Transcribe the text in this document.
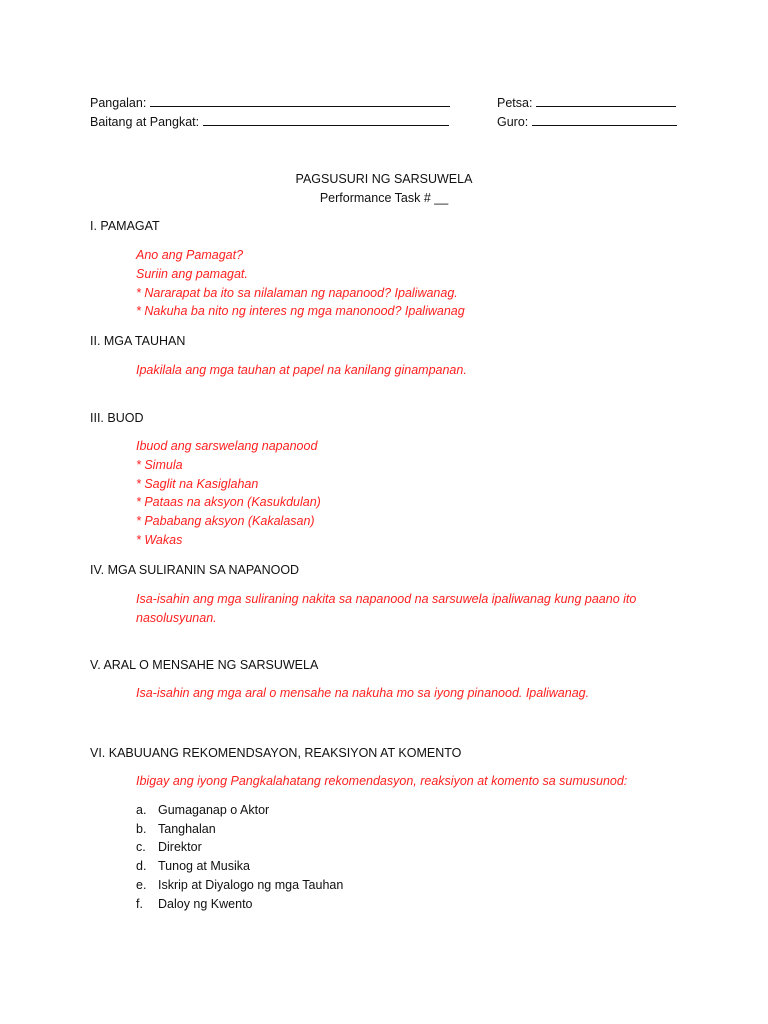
Pangalan:
Baitang at Pangkat:
Petsa:
Guro:
PAGSUSURI NG SARSUWELA
Performance Task # __
I. PAMAGAT
Ano ang Pamagat?
Suriin ang pamagat.
* Nararapat ba ito sa nilalaman ng napanood? Ipaliwanag.
* Nakuha ba nito ng interes ng mga manonood? Ipaliwanag
II. MGA TAUHAN
Ipakilala ang mga tauhan at papel na kanilang ginampanan.
III. BUOD
Ibuod ang sarswelang napanood
* Simula
* Saglit na Kasiglahan
* Pataas na aksyon (Kasukdulan)
* Pababang aksyon (Kakalasan)
* Wakas
IV. MGA SULIRANIN SA NAPANOOD
Isa-isahin ang mga suliraning nakita sa napanood na sarsuwela ipaliwanag kung paano ito nasolusyunan.
V. ARAL O MENSAHE NG SARSUWELA
Isa-isahin ang mga aral o mensahe na nakuha mo sa iyong pinanood. Ipaliwanag.
VI. KABUUANG REKOMENDSAYON, REAKSIYON AT KOMENTO
Ibigay ang iyong Pangkalahatang rekomendasyon, reaksiyon at komento sa sumusunod:
a. Gumaganap o Aktor
b. Tanghalan
c. Direktor
d. Tunog at Musika
e. Iskrip at Diyalogo ng mga Tauhan
f. Daloy ng Kwento
